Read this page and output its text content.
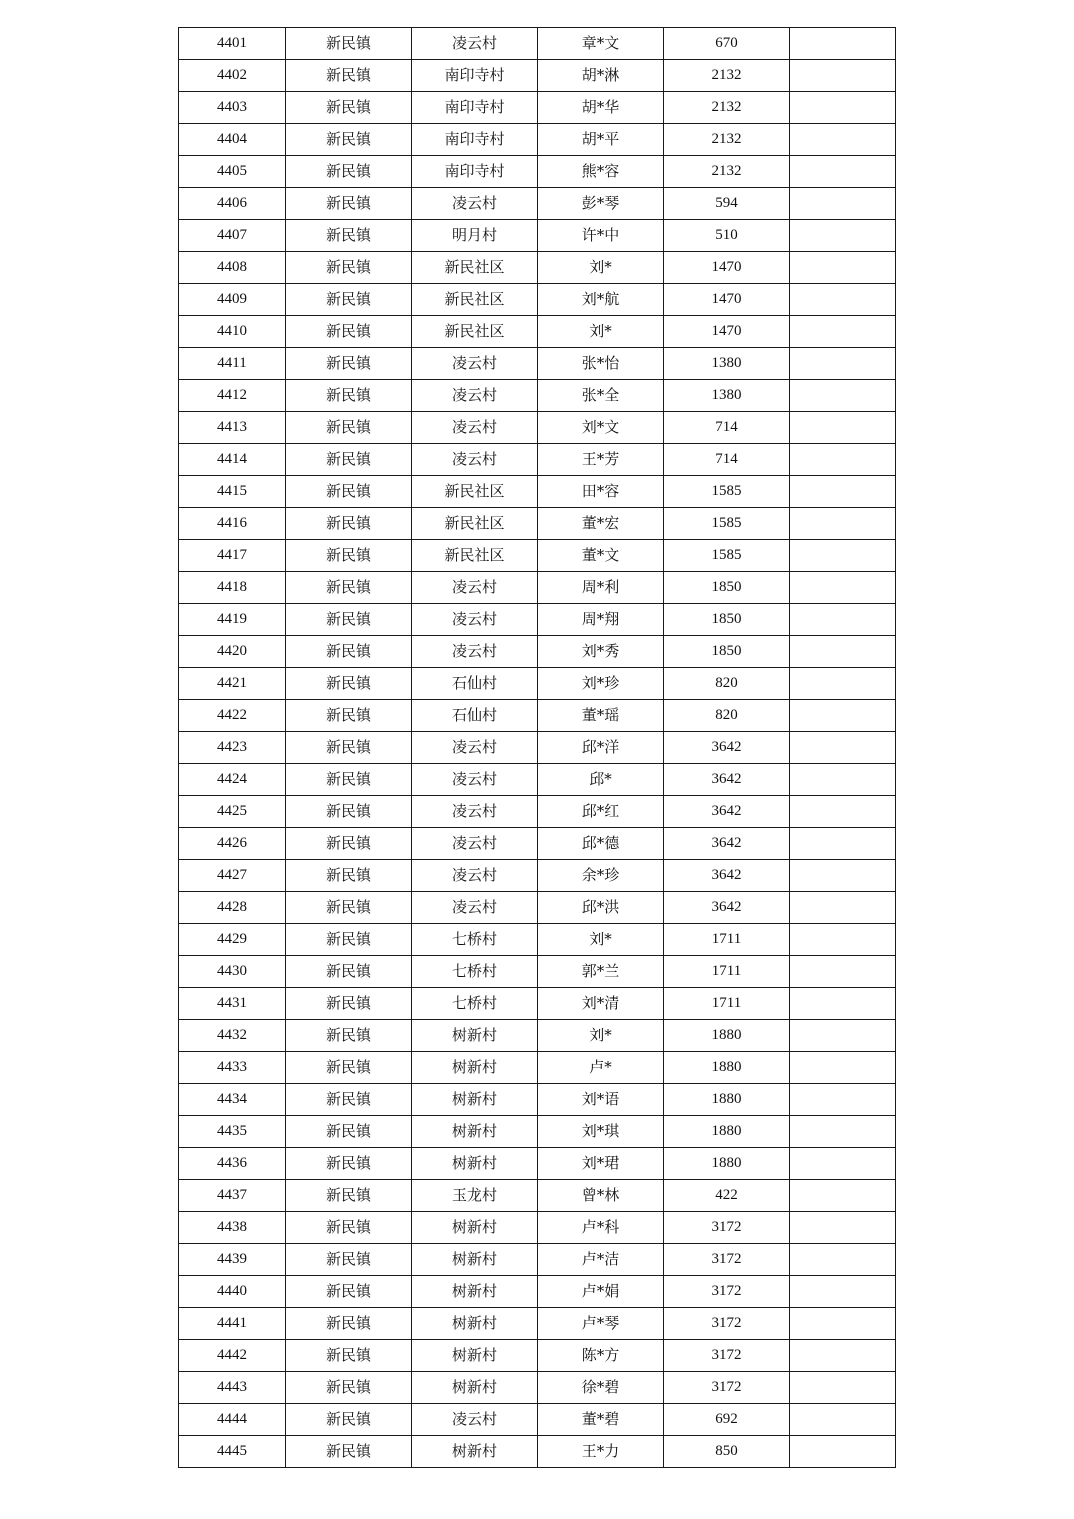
4401	新民镇	凌云村	章*文	670	
4402	新民镇	南印寺村	胡*淋	2132	
4403	新民镇	南印寺村	胡*华	2132	
4404	新民镇	南印寺村	胡*平	2132	
4405	新民镇	南印寺村	熊*容	2132	
4406	新民镇	凌云村	彭*琴	594	
4407	新民镇	明月村	许*中	510	
4408	新民镇	新民社区	刘*	1470	
4409	新民镇	新民社区	刘*航	1470	
4410	新民镇	新民社区	刘*	1470	
4411	新民镇	凌云村	张*怡	1380	
4412	新民镇	凌云村	张*全	1380	
4413	新民镇	凌云村	刘*文	714	
4414	新民镇	凌云村	王*芳	714	
4415	新民镇	新民社区	田*容	1585	
4416	新民镇	新民社区	董*宏	1585	
4417	新民镇	新民社区	董*文	1585	
4418	新民镇	凌云村	周*利	1850	
4419	新民镇	凌云村	周*翔	1850	
4420	新民镇	凌云村	刘*秀	1850	
4421	新民镇	石仙村	刘*珍	820	
4422	新民镇	石仙村	董*瑶	820	
4423	新民镇	凌云村	邱*洋	3642	
4424	新民镇	凌云村	邱*	3642	
4425	新民镇	凌云村	邱*红	3642	
4426	新民镇	凌云村	邱*德	3642	
4427	新民镇	凌云村	余*珍	3642	
4428	新民镇	凌云村	邱*洪	3642	
4429	新民镇	七桥村	刘*	1711	
4430	新民镇	七桥村	郭*兰	1711	
4431	新民镇	七桥村	刘*清	1711	
4432	新民镇	树新村	刘*	1880	
4433	新民镇	树新村	卢*	1880	
4434	新民镇	树新村	刘*语	1880	
4435	新民镇	树新村	刘*琪	1880	
4436	新民镇	树新村	刘*珺	1880	
4437	新民镇	玉龙村	曾*林	422	
4438	新民镇	树新村	卢*科	3172	
4439	新民镇	树新村	卢*洁	3172	
4440	新民镇	树新村	卢*娟	3172	
4441	新民镇	树新村	卢*琴	3172	
4442	新民镇	树新村	陈*方	3172	
4443	新民镇	树新村	徐*碧	3172	
4444	新民镇	凌云村	董*碧	692	
4445	新民镇	树新村	王*力	850	
